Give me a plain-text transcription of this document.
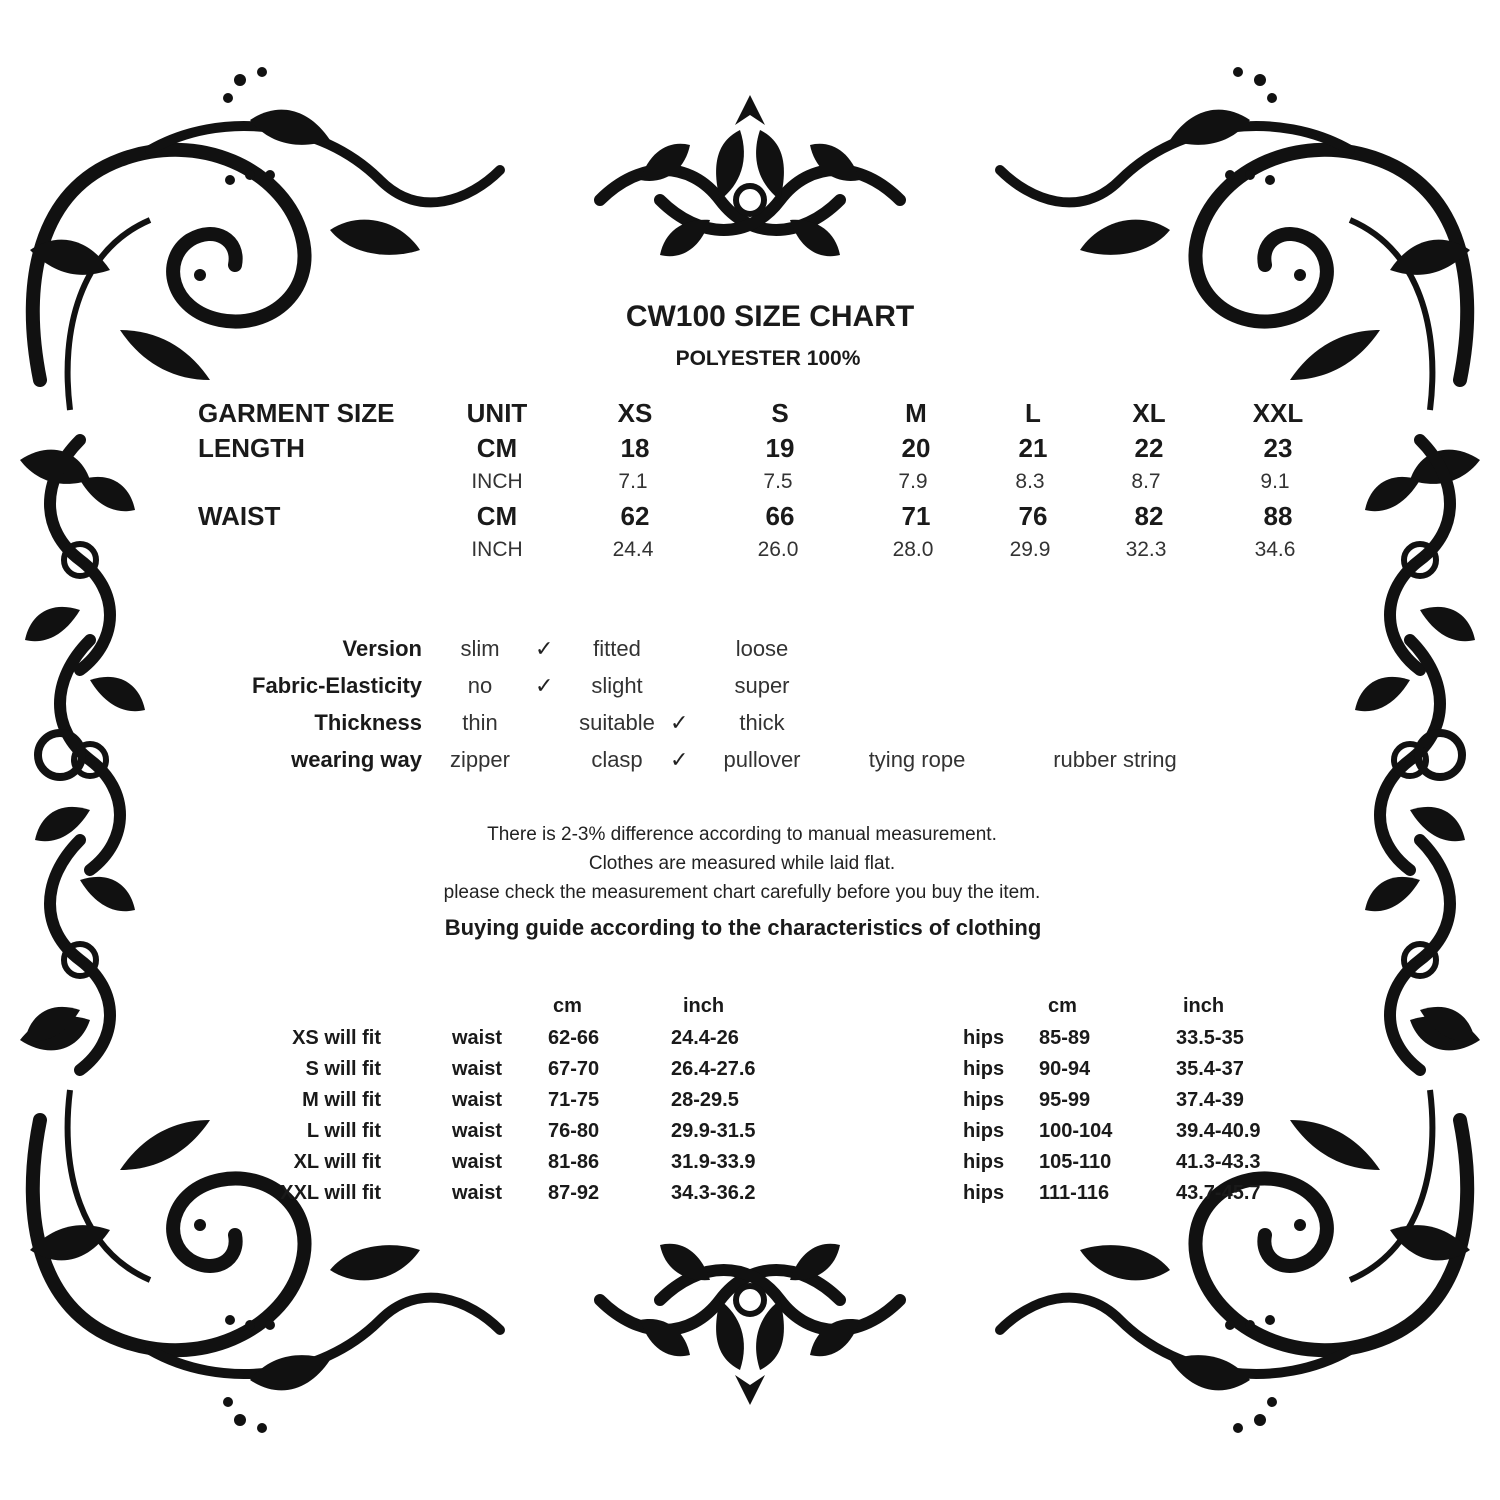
CW100 SIZE CHART
POLYESTER 100%
GARMENT SIZE	UNIT	XS	S	M	L	XL	XXL
LENGTH	CM	18	19	20	21	22	23
INCH	7.1	7.5	7.9	8.3	8.7	9.1
WAIST	CM	62	66	71	76	82	88
INCH	24.4	26.0	28.0	29.9	32.3	34.6
Version	slim	✓	fitted	loose
Fabric-Elasticity	no	✓	slight	super
Thickness	thin	suitable ✓	thick
wearing way	zipper	clasp	✓	pullover	tying rope	rubber string
There is 2-3% difference according to manual measurement.
Clothes are measured while laid flat.
please check the measurement chart carefully before you buy the item.
Buying guide according to the characteristics of clothing
cm	inch	cm	inch
XS will fit	waist 62-66	24.4-26	hips 85-89	33.5-35
S will fit	waist 67-70	26.4-27.6	hips 90-94	35.4-37
M will fit	waist 71-75	28-29.5	hips 95-99	37.4-39
L will fit	waist 76-80	29.9-31.5	hips 100-104	39.4-40.9
XL will fit	waist 81-86	31.9-33.9	hips 105-110	41.3-43.3
XXL will fit	waist 87-92	34.3-36.2	hips 111-116	43.7-45.7
